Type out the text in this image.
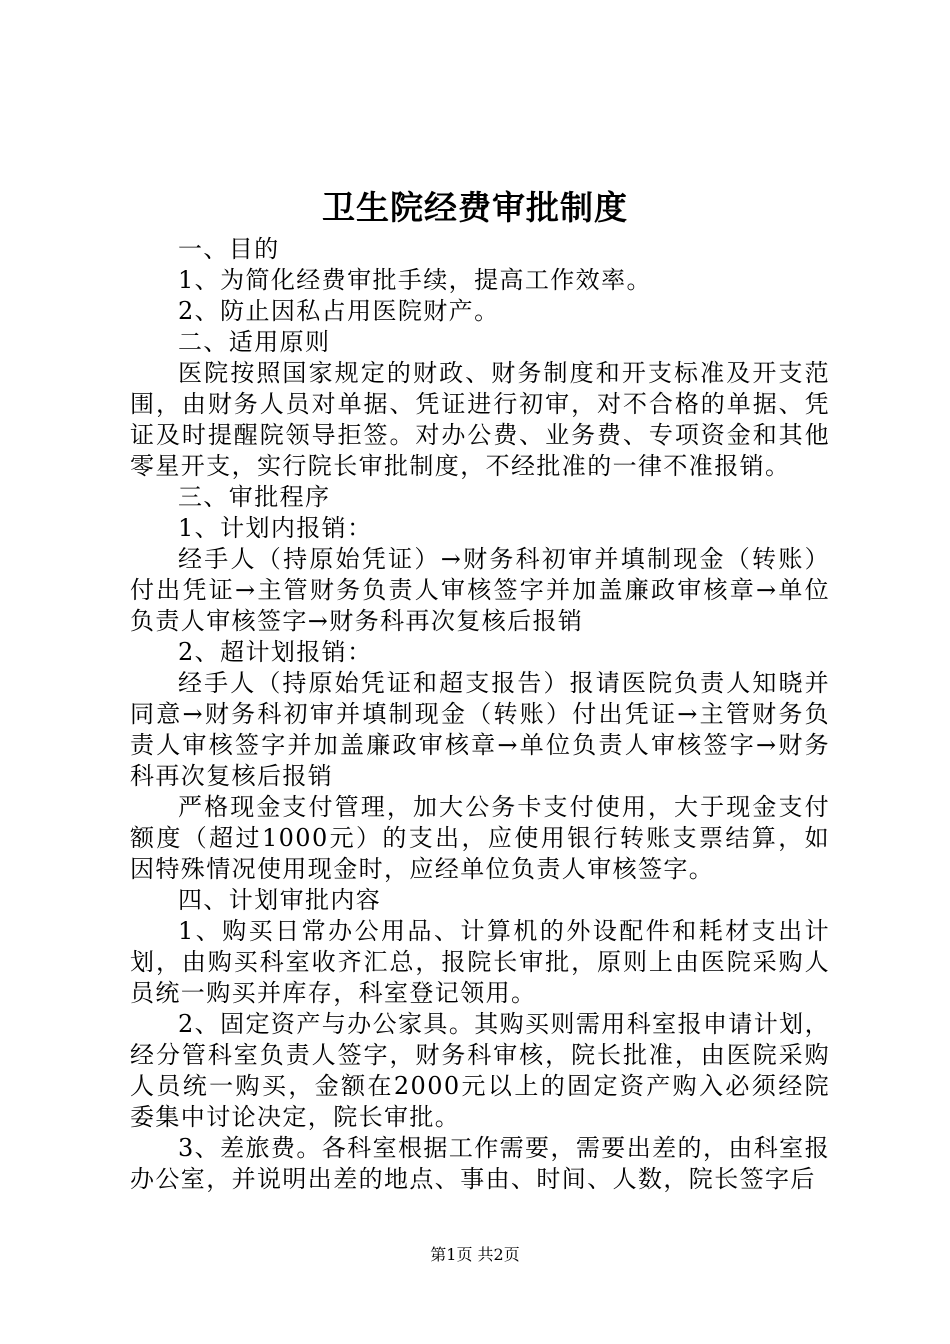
卫生院经费审批制度

一、目的

1、为简化经费审批手续，提高工作效率。

2、防止因私占用医院财产。

二、适用原则

医院按照国家规定的财政、财务制度和开支标准及开支范围，由财务人员对单据、凭证进行初审，对不合格的单据、凭证及时提醒院领导拒签。对办公费、业务费、专项资金和其他零星开支，实行院长审批制度，不经批准的一律不准报销。

三、审批程序

1、计划内报销：

经手人（持原始凭证）→财务科初审并填制现金（转账）付出凭证→主管财务负责人审核签字并加盖廉政审核章→单位负责人审核签字→财务科再次复核后报销

2、超计划报销：

经手人（持原始凭证和超支报告）报请医院负责人知晓并同意→财务科初审并填制现金（转账）付出凭证→主管财务负责人审核签字并加盖廉政审核章→单位负责人审核签字→财务科再次复核后报销

严格现金支付管理，加大公务卡支付使用，大于现金支付额度（超过1000元）的支出，应使用银行转账支票结算，如因特殊情况使用现金时，应经单位负责人审核签字。

四、计划审批内容

1、购买日常办公用品、计算机的外设配件和耗材支出计划，由购买科室收齐汇总，报院长审批，原则上由医院采购人员统一购买并库存，科室登记领用。

2、固定资产与办公家具。其购买则需用科室报申请计划，经分管科室负责人签字，财务科审核，院长批准，由医院采购人员统一购买，金额在2000元以上的固定资产购入必须经院委集中讨论决定，院长审批。

3、差旅费。各科室根据工作需要，需要出差的，由科室报办公室，并说明出差的地点、事由、时间、人数，院长签字后

第1页 共2页
